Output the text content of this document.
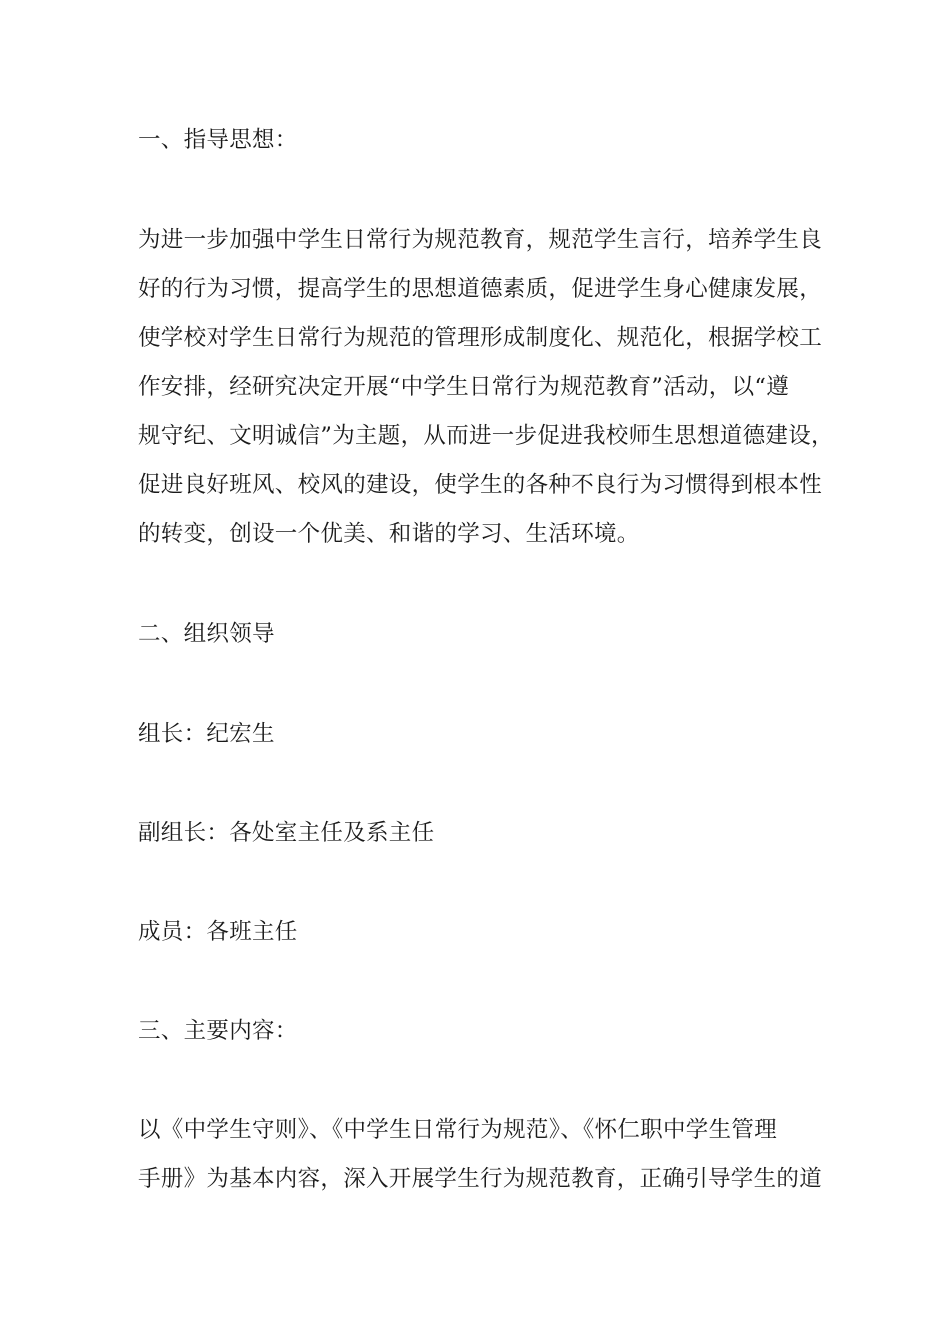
一、指导思想：
为进一步加强中学生日常行为规范教育，规范学生言行，培养学生良
好的行为习惯，提高学生的思想道德素质，促进学生身心健康发展，
使学校对学生日常行为规范的管理形成制度化、规范化，根据学校工
作安排，经研究决定开展“中学生日常行为规范教育”活动，以“遵
规守纪、文明诚信”为主题，从而进一步促进我校师生思想道德建设，
促进良好班风、校风的建设，使学生的各种不良行为习惯得到根本性
的转变，创设一个优美、和谐的学习、生活环境。
二、组织领导
组长：纪宏生
副组长：各处室主任及系主任
成员：各班主任
三、主要内容：
以《中学生守则》、《中学生日常行为规范》、《怀仁职中学生管理
手册》为基本内容，深入开展学生行为规范教育，正确引导学生的道
